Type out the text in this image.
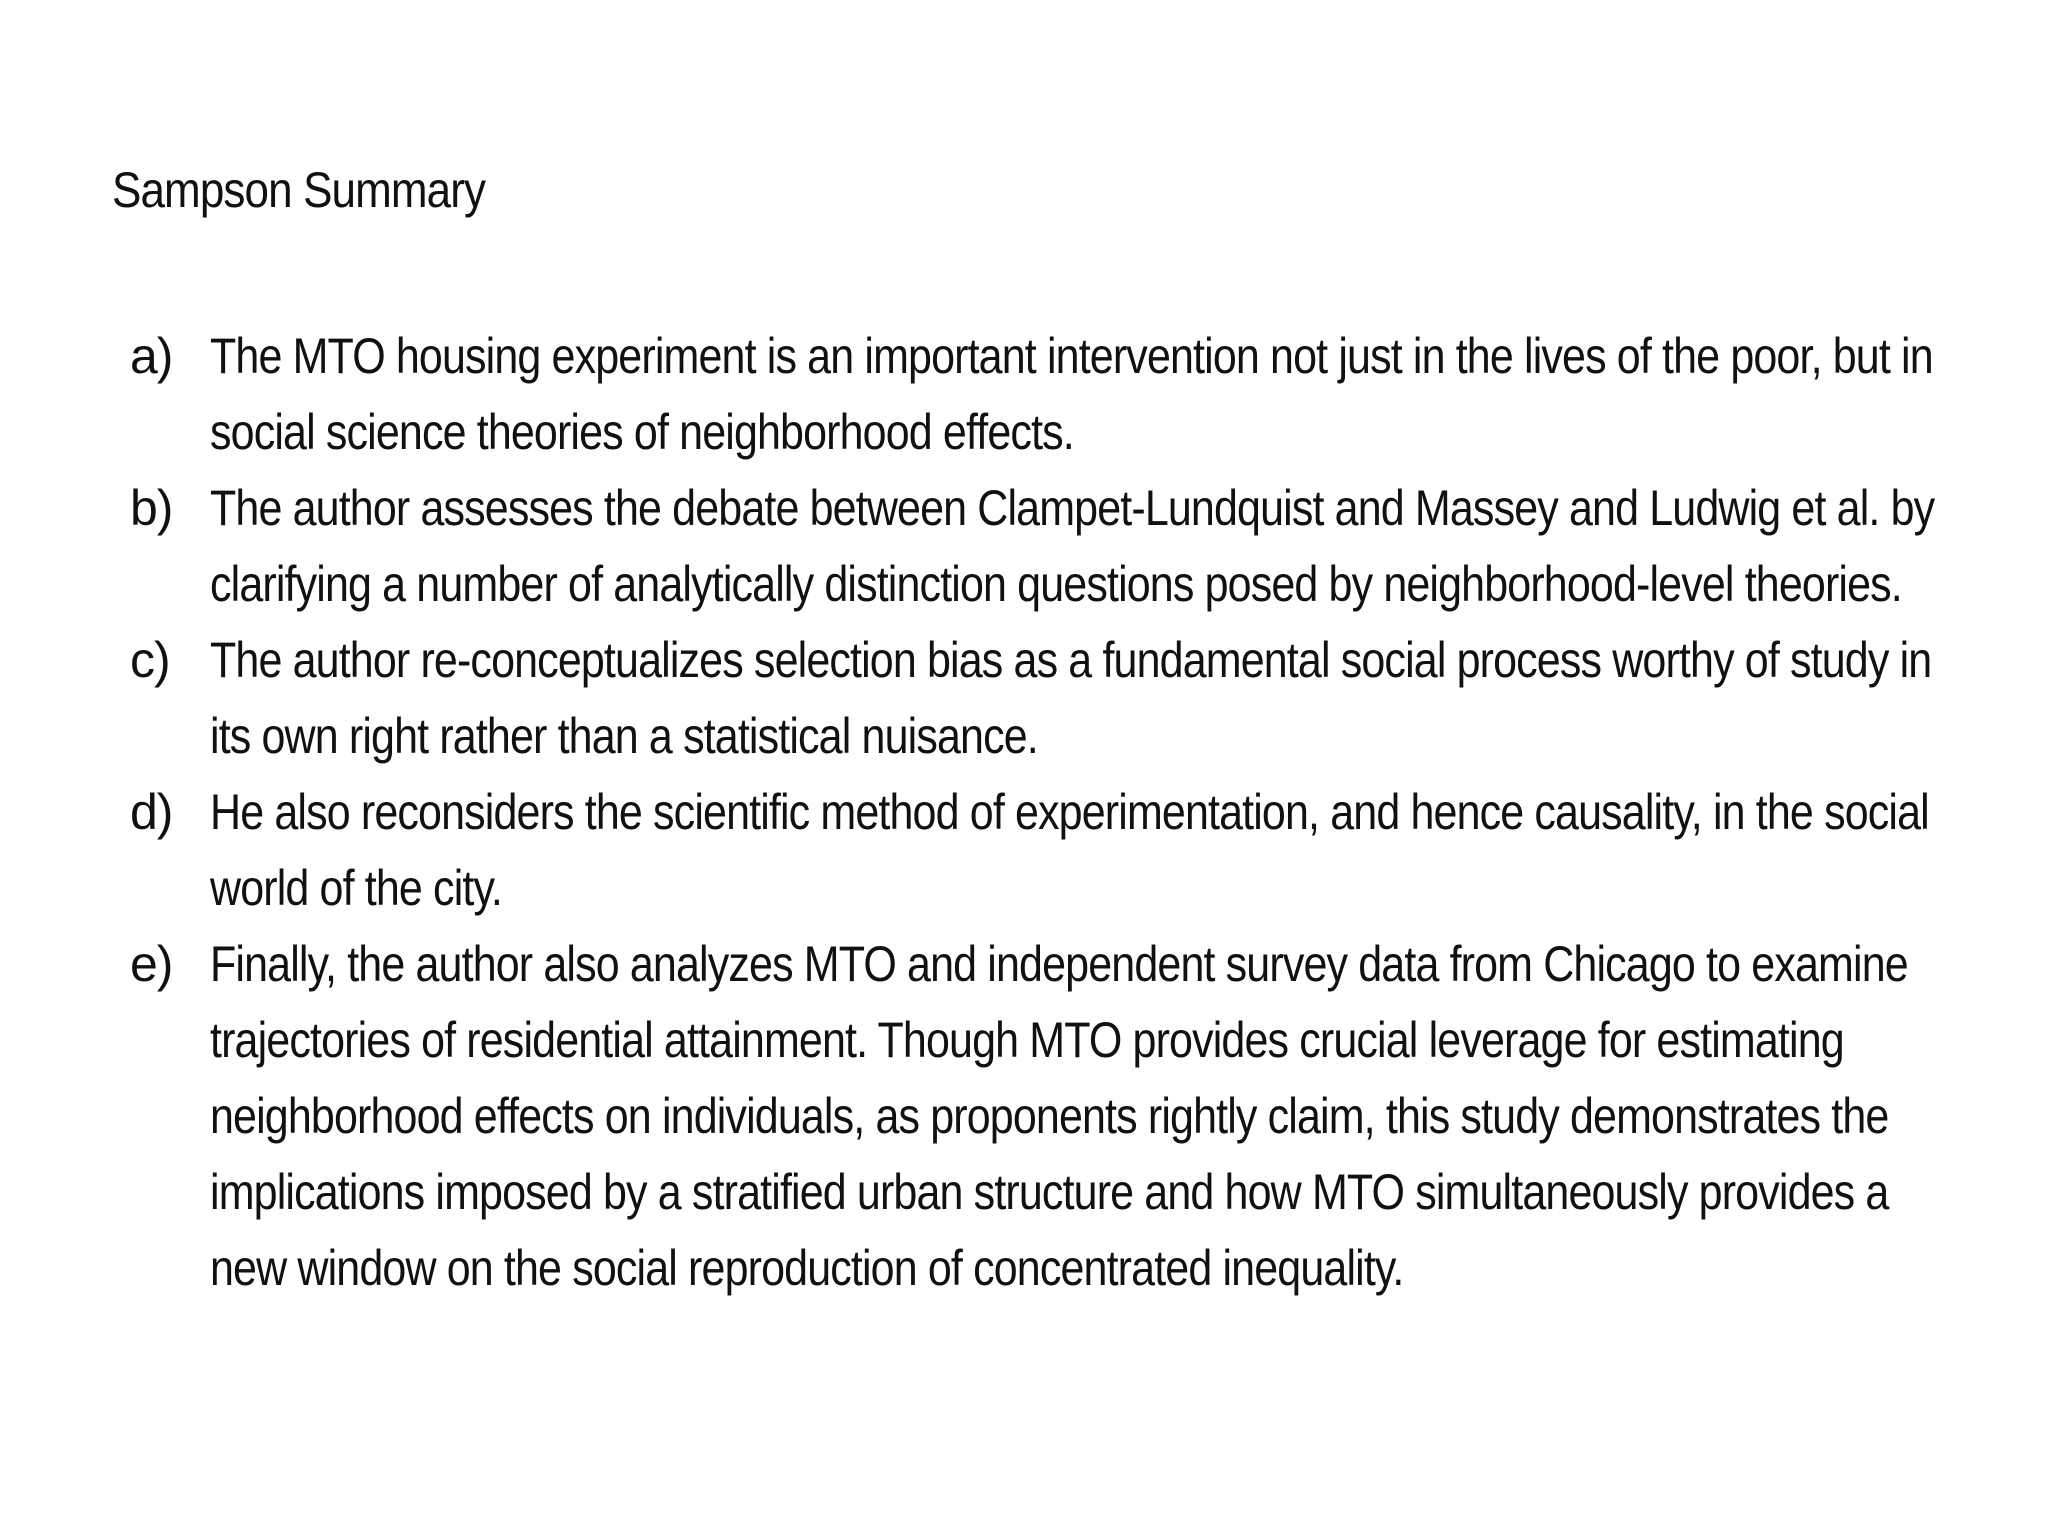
Sampson Summary
a) The MTO housing experiment is an important intervention not just in the lives of the poor, but in social science theories of neighborhood effects.
b) The author assesses the debate between Clampet-Lundquist and Massey and Ludwig et al. by clarifying a number of analytically distinction questions posed by neighborhood-level theories.
c) The author re-conceptualizes selection bias as a fundamental social process worthy of study in its own right rather than a statistical nuisance.
d) He also reconsiders the scientific method of experimentation, and hence causality, in the social world of the city.
e) Finally, the author also analyzes MTO and independent survey data from Chicago to examine trajectories of residential attainment. Though MTO provides crucial leverage for estimating neighborhood effects on individuals, as proponents rightly claim, this study demonstrates the implications imposed by a stratified urban structure and how MTO simultaneously provides a new window on the social reproduction of concentrated inequality.
